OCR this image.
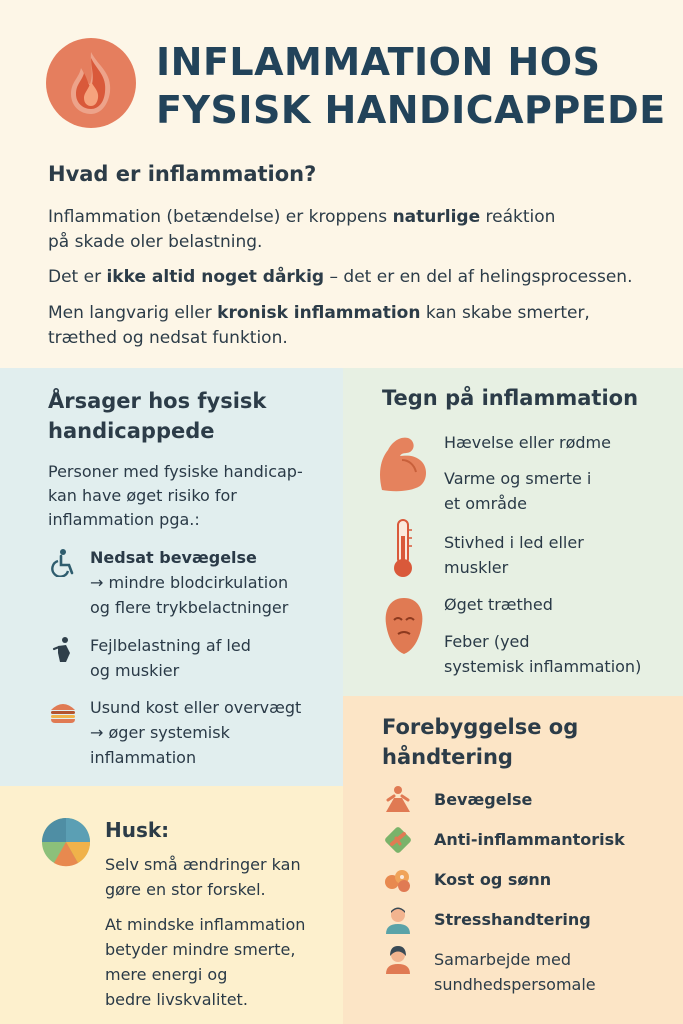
INFLAMMATION HOS
FYSISK HANDICAPPEDE
Hvad er inflammation?
Inflammation (betændelse) er kroppens naturlige reáktion
på skade oler belastning.
Det er ikke altid noget dårkig – det er en del af helingsprocessen.
Men langvarig eller kronisk inflammation kan skabe smerter,
træthed og nedsat funktion.
Årsager hos fysisk handicappede
Personer med fysiske handicap-
kan have øget risiko for
inflammation pga.:
Nedsat bevægelse
→ mindre blodcirkulation
og flere trykbelactninger
Fejlbelastning af led
og muskier
Usund kost eller overvægt
→ øger systemisk
inflammation
Tegn på inflammation
Hævelse eller rødme
Varme og smerte i
et område
Stivhed i led eller
muskler
Øget træthed
Feber (yed
systemisk inflammation)
Forebyggelse og håndtering
Bevægelse
Anti-inflammantorisk
Kost og sønn
Stresshandtering
Samarbejde med sundhedspersomale
Husk:
Selv små ændringer kan
gøre en stor forskel.
At mindske inflammation
betyder mindre smerte,
mere energi og
bedre livskvalitet.
